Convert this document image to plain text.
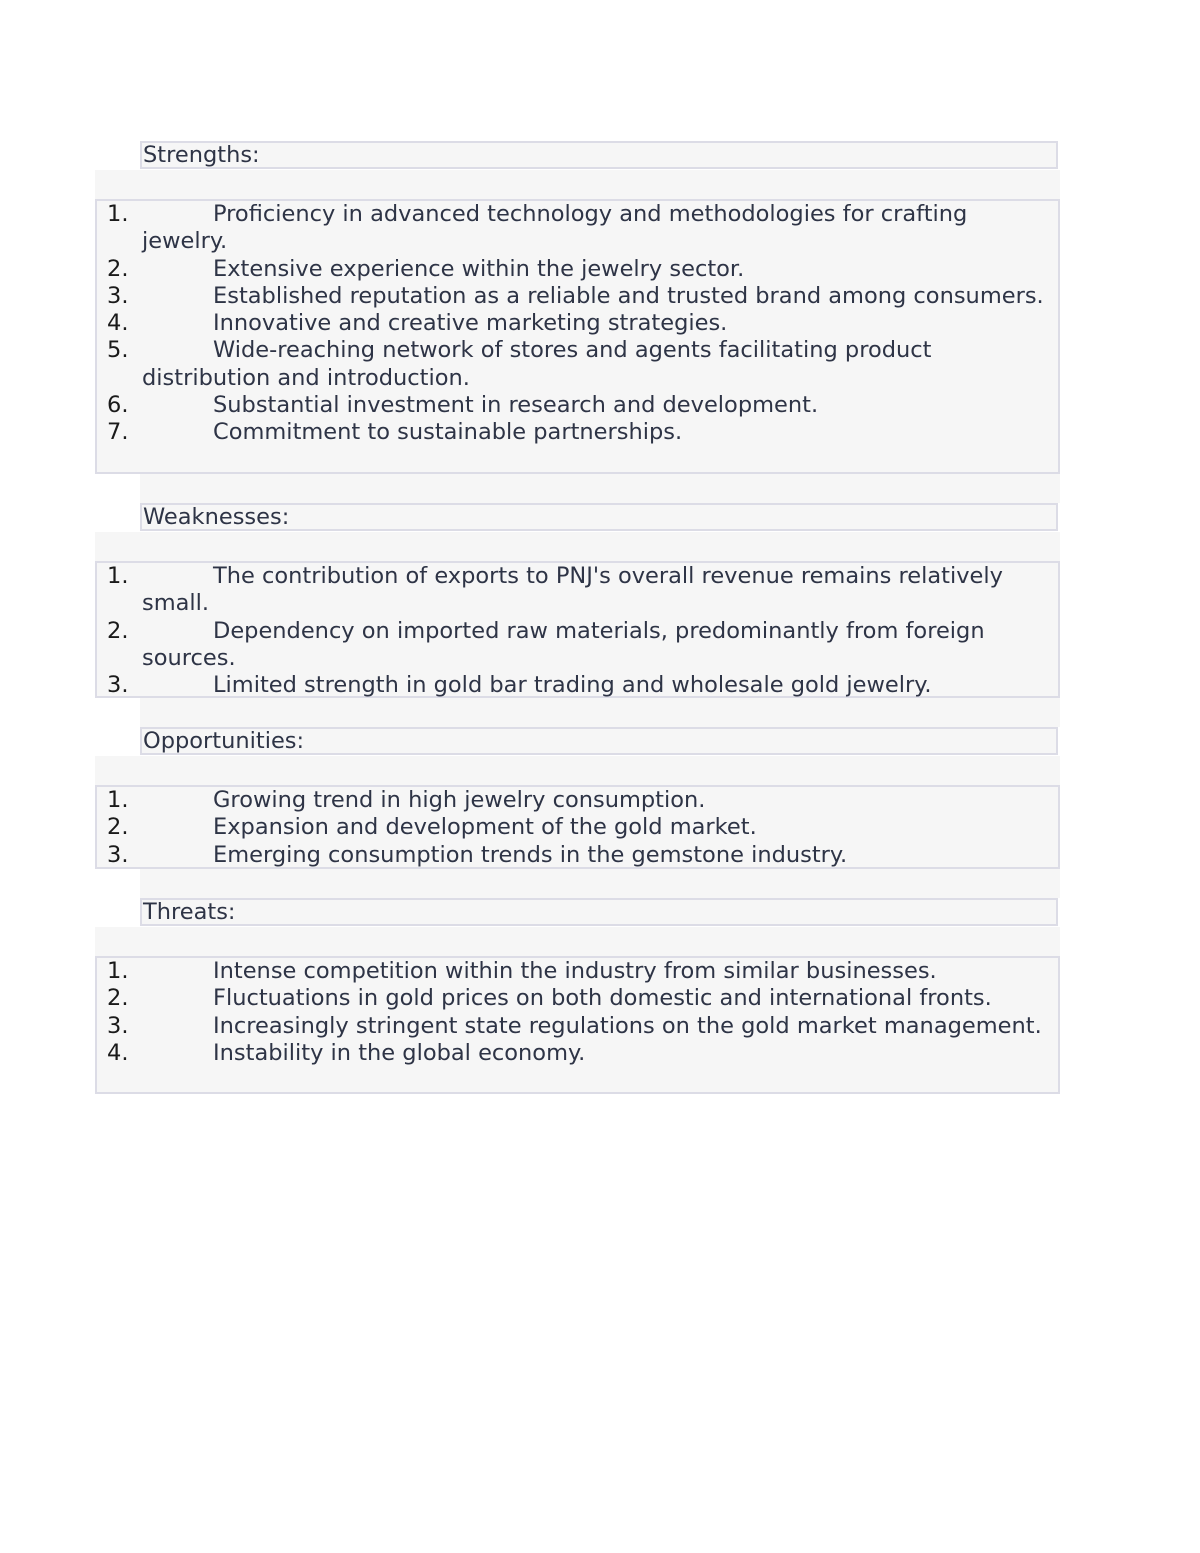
Strengths:
1.	Proficiency in advanced technology and methodologies for crafting jewelry.
2.	Extensive experience within the jewelry sector.
3.	Established reputation as a reliable and trusted brand among consumers.
4.	Innovative and creative marketing strategies.
5.	Wide-reaching network of stores and agents facilitating product distribution and introduction.
6.	Substantial investment in research and development.
7.	Commitment to sustainable partnerships.
Weaknesses:
1.	The contribution of exports to PNJ's overall revenue remains relatively small.
2.	Dependency on imported raw materials, predominantly from foreign sources.
3.	Limited strength in gold bar trading and wholesale gold jewelry.
Opportunities:
1.	Growing trend in high jewelry consumption.
2.	Expansion and development of the gold market.
3.	Emerging consumption trends in the gemstone industry.
Threats:
1.	Intense competition within the industry from similar businesses.
2.	Fluctuations in gold prices on both domestic and international fronts.
3.	Increasingly stringent state regulations on the gold market management.
4.	Instability in the global economy.
